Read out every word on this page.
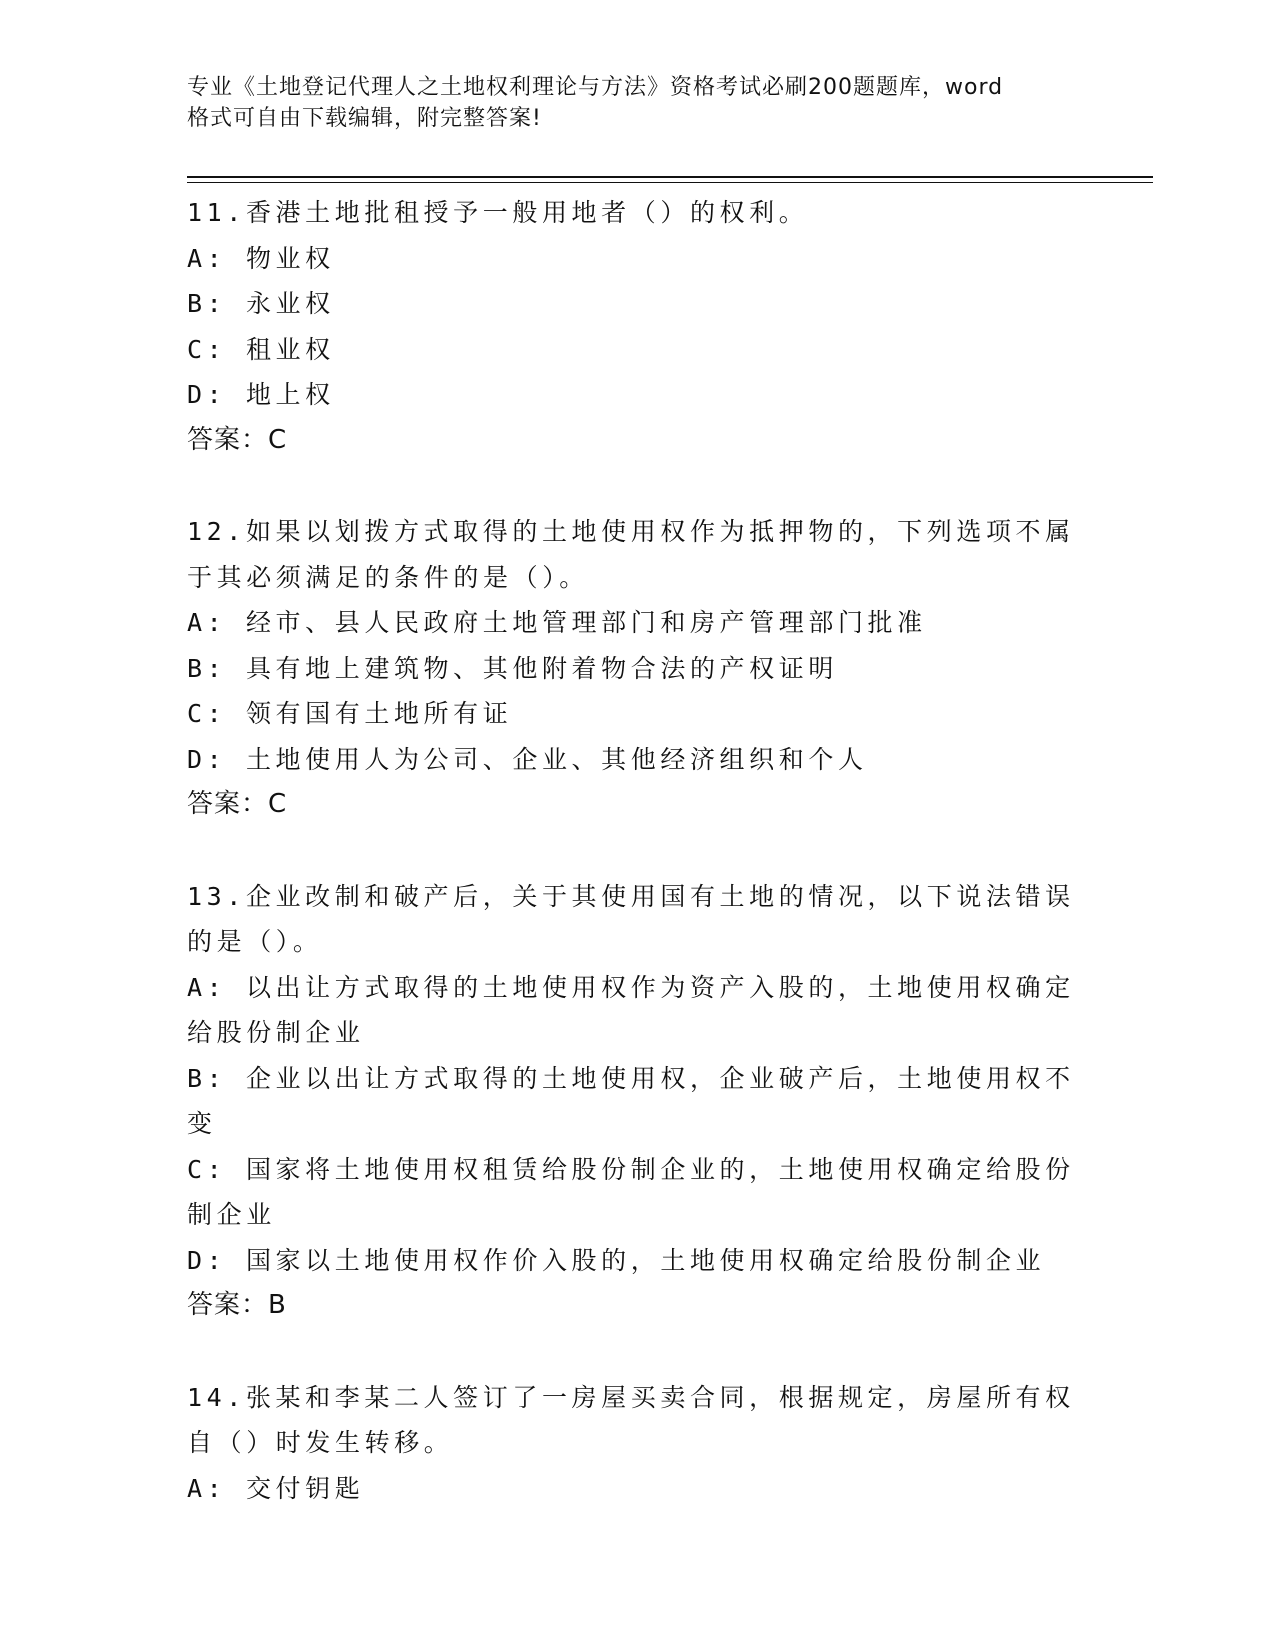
专业《土地登记代理人之土地权利理论与方法》资格考试必刷200题题库，word
格式可自由下载编辑，附完整答案!
11.香港土地批租授予一般用地者（）的权利。
A: 物业权
B: 永业权
C: 租业权
D: 地上权
答案：C
12.如果以划拨方式取得的土地使用权作为抵押物的，下列选项不属于其必须满足的条件的是（）。
A: 经市、县人民政府土地管理部门和房产管理部门批准
B: 具有地上建筑物、其他附着物合法的产权证明
C: 领有国有土地所有证
D: 土地使用人为公司、企业、其他经济组织和个人
答案：C
13.企业改制和破产后，关于其使用国有土地的情况，以下说法错误的是（）。
A: 以出让方式取得的土地使用权作为资产入股的，土地使用权确定给股份制企业
B: 企业以出让方式取得的土地使用权，企业破产后，土地使用权不变
C: 国家将土地使用权租赁给股份制企业的，土地使用权确定给股份制企业
D: 国家以土地使用权作价入股的，土地使用权确定给股份制企业
答案：B
14.张某和李某二人签订了一房屋买卖合同，根据规定，房屋所有权自（）时发生转移。
A: 交付钥匙
